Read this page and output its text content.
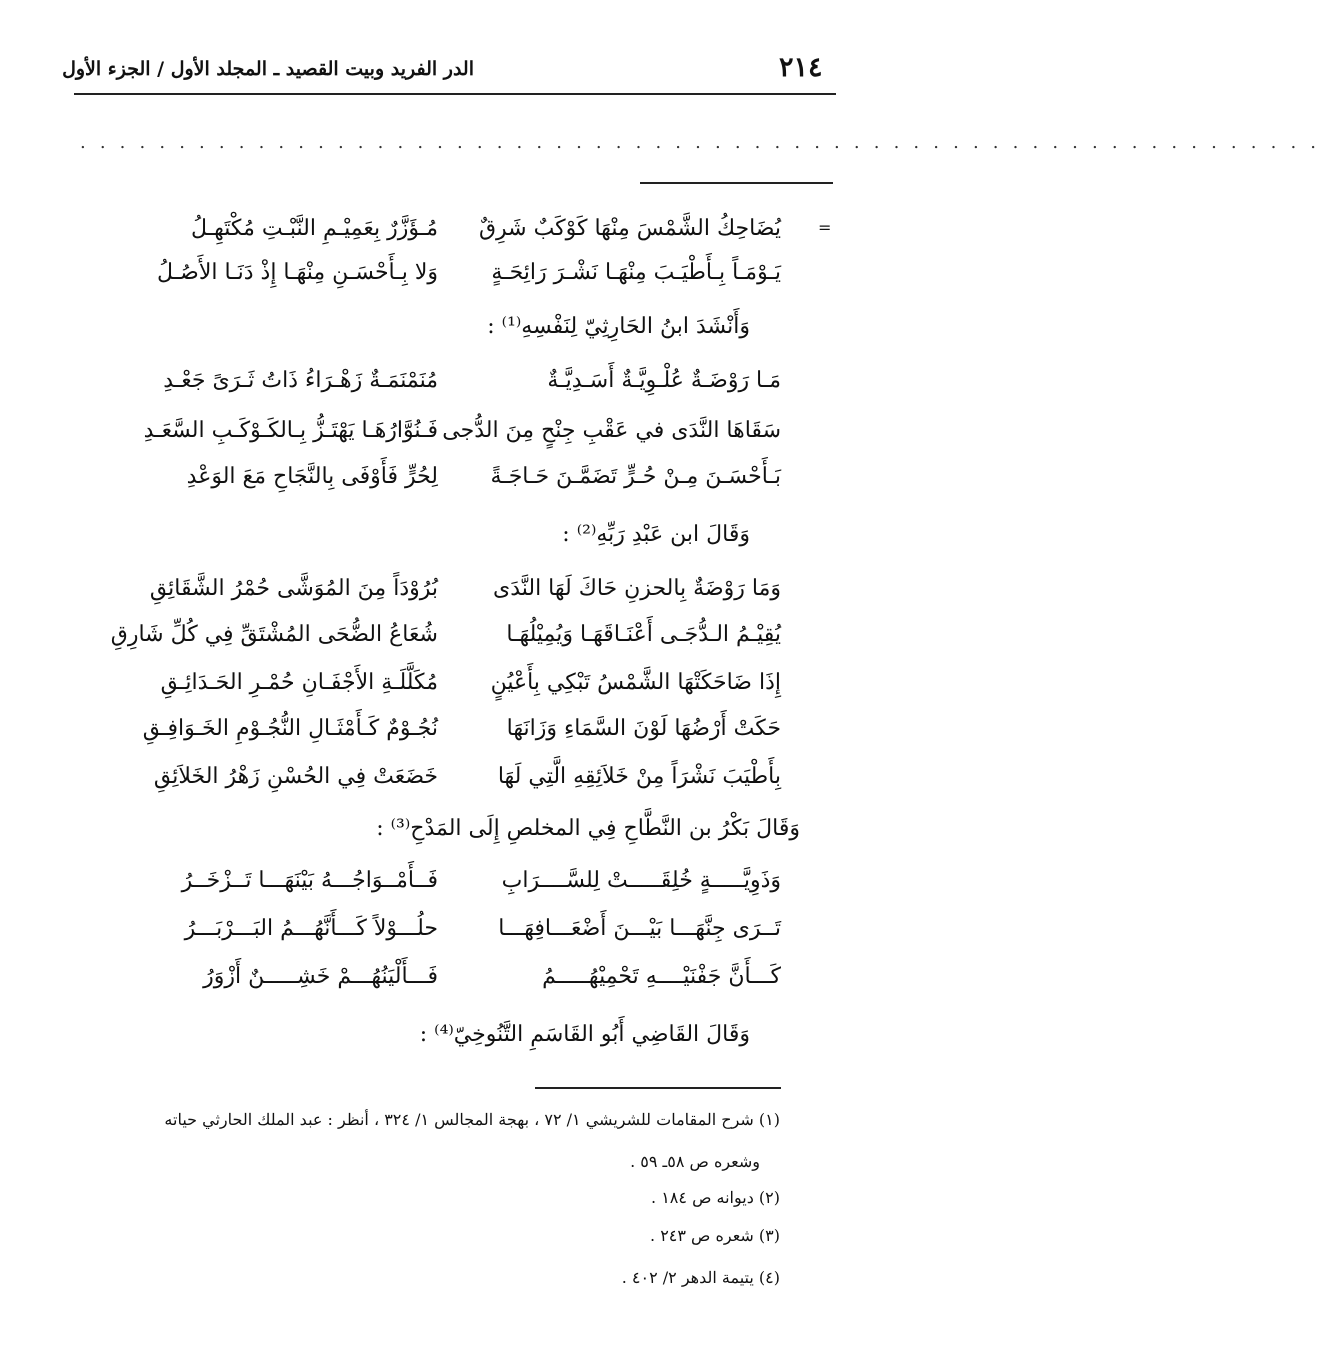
٢١٤
الدر الفريد وبيت القصيد ـ المجلد الأول / الجزء الأول
. . . . . . . . . . . . . . . . . . . . . . . . . . . . . . . . . . . . . . . . . . . . . . . . . . . . . . . . . . . . . . .
=
يُضَاحِكُ الشَّمْسَ مِنْهَا كَوْكَبٌ شَرِقٌ
مُـؤَزَّرٌ بِعَمِيْـمِ النَّبْـتِ مُكْتَهِـلُ
يَـوْمَـاً بِـأَطْيَـبَ مِنْهَـا نَشْـرَ رَائِحَـةٍ
وَلا بِـأَحْسَـنِ مِنْهَـا إِذْ دَنَـا الأَصُـلُ
وَأَنْشَدَ ابنُ الحَارِثِيّ لِنَفْسِهِ⁽¹⁾ :
مَـا رَوْضَـةٌ عُلْـوِيَّـةٌ أَسَـدِيَّـةٌ
مُنَمْنَمَـةٌ زَهْـرَاءُ ذَاتُ ثَـرَىً جَعْـدِ
سَقَاهَا النَّدَى في عَقْبِ جِنْحٍ مِنَ الدُّجى
فَـنُوَّارُهَـا يَهْتَـزُّ بِـالكَـوْكَـبِ السَّعَـدِ
بَـأَحْسَـنَ مِـنْ حُـرٍّ تَضَمَّـنَ حَـاجَـةً
لِحُرٍّ فَأَوْفَى بِالنَّجَاحِ مَعَ الوَعْدِ
وَقَالَ ابن عَبْدِ رَبِّهِ⁽²⁾ :
وَمَا رَوْضَةٌ بِالحزنِ حَاكَ لَهَا النَّدَى
بُرُوْدَاً مِنَ المُوَشَّى حُمْرُ الشَّقَائِقِ
يُقِيْـمُ الـدُّجَـى أَعْنَـاقَهَـا وَيُمِيْلُهَـا
شُعَاعُ الضُّحَى المُشْتَقِّ فِي كُلِّ شَارِقِ
إِذَا ضَاحَكَتْهَا الشَّمْسُ تَبْكِي بِأَعْيُنٍ
مُكَلَّلَـةِ الأَجْفَـانِ حُمْـرِ الحَـدَائِـقِ
حَكَتْ أَرْضُهَا لَوْنَ السَّمَاءِ وَزَانَهَا
نُجُـوْمٌ كَـأَمْثَـالِ النُّجُـوْمِ الخَـوَافِـقِ
بِأَطْيَبَ نَشْرَاً مِنْ خَلاَئِقِهِ الَّتِي لَهَا
خَضَعَتْ فِي الحُسْنِ زَهْرُ الخَلاَئِقِ
وَقَالَ بَكْرُ بن النَّطَّاحِ فِي المخلصِ إِلَى المَدْحِ⁽³⁾ :
وَذَوِيَّـــــةٍ خُلِقَـــــتْ لِلسَّــــرَابِ
فَــأَمْــوَاجُـــهُ بَيْنَهَـــا تَــزْخَــرُ
تَــرَى جِنَّهَـــا بَيْـــنَ أَضْعَـــافِهَـــا
حلُـــوْلاً كَـــأَنَّهُـــمُ البَـــرْبَـــرُ
كَـــأَنَّ جَفْنَيْــــهِ تَحْمِيْهُـــــمُ
فَـــأَلْيَنُهُـــمْ خَشِـــــنٌ أَزْوَرُ
وَقَالَ القَاضِي أَبُو القَاسَمِ التَّنُوخِيّ⁽⁴⁾ :
(١) شرح المقامات للشريشي ١/ ٧٢ ، بهجة المجالس ١/ ٣٢٤ ، أنظر : عبد الملك الحارثي حياته
وشعره ص ٥٨ـ ٥٩ .
(٢) ديوانه ص ١٨٤ .
(٣) شعره ص ٢٤٣ .
(٤) يتيمة الدهر ٢/ ٤٠٢ .
